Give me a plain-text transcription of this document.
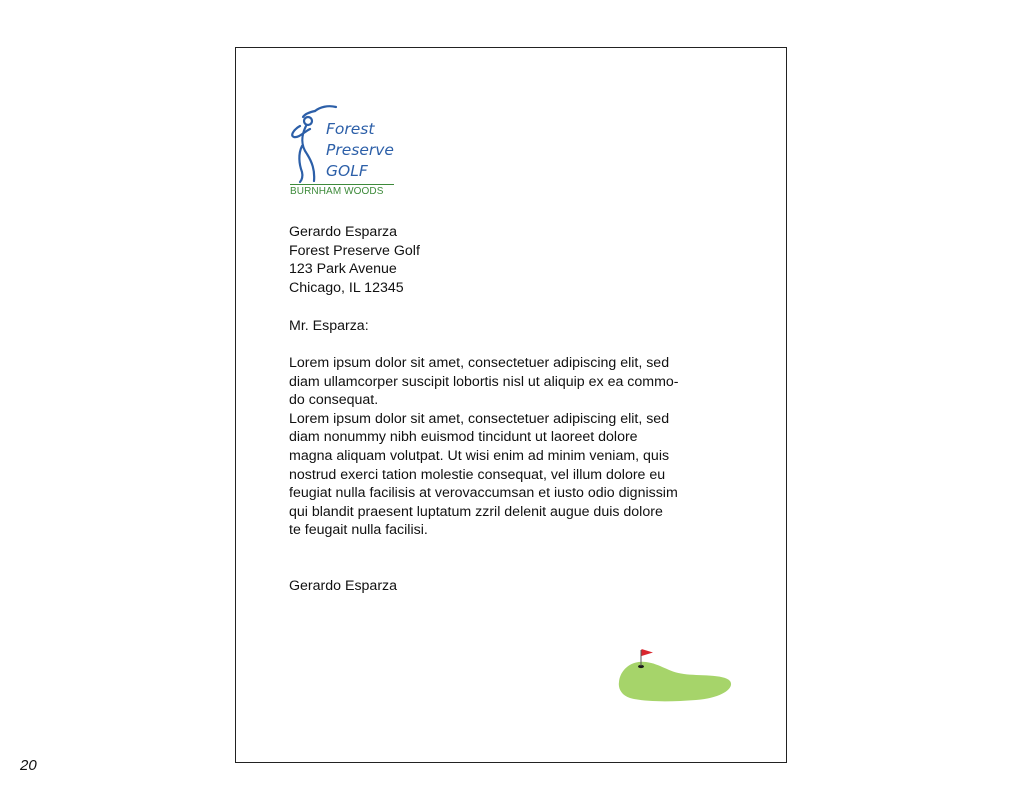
Forest
Preserve
GOLF
BURNHAM WOODS
Gerardo Esparza
Forest Preserve Golf
123 Park Avenue
Chicago, IL 12345
Mr. Esparza:
Lorem ipsum dolor sit amet, consectetuer adipiscing elit, sed
diam ullamcorper suscipit lobortis nisl ut aliquip ex ea commo-
do consequat.
Lorem ipsum dolor sit amet, consectetuer adipiscing elit, sed
diam nonummy nibh euismod tincidunt ut laoreet dolore
magna aliquam volutpat. Ut wisi enim ad minim veniam, quis
nostrud exerci tation molestie consequat, vel illum dolore eu
feugiat nulla facilisis at verovaccumsan et iusto odio dignissim
qui blandit praesent luptatum zzril delenit augue duis dolore
te feugait nulla facilisi.
Gerardo Esparza
20
